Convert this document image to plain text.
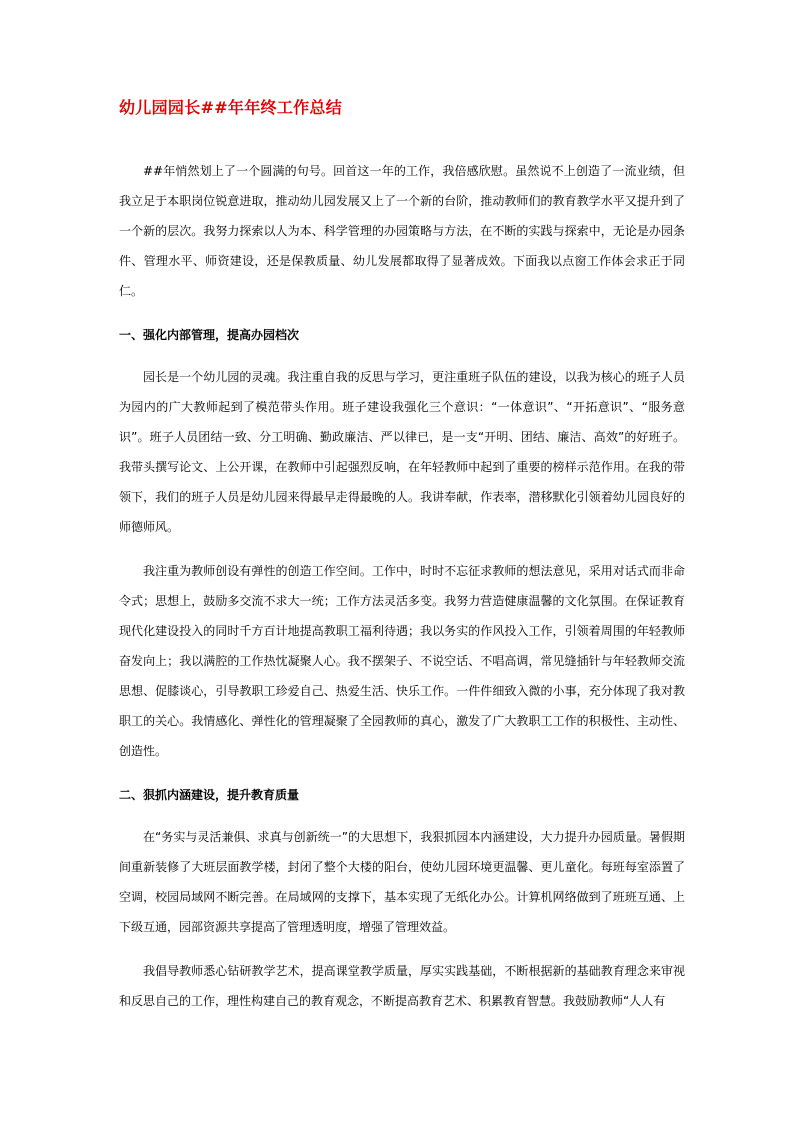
幼儿园园长##年年终工作总结

##年悄然划上了一个圆满的句号。回首这一年的工作，我倍感欣慰。虽然说不上创造了一流业绩，但我立足于本职岗位锐意进取，推动幼儿园发展又上了一个新的台阶，推动教师们的教育教学水平又提升到了一个新的层次。我努力探索以人为本、科学管理的办园策略与方法，在不断的实践与探索中，无论是办园条件、管理水平、师资建设，还是保教质量、幼儿发展都取得了显著成效。下面我以点窗工作体会求正于同仁。

一、强化内部管理，提高办园档次

园长是一个幼儿园的灵魂。我注重自我的反思与学习，更注重班子队伍的建设，以我为核心的班子人员为园内的广大教师起到了模范带头作用。班子建设我强化三个意识：“一体意识”、“开拓意识”、“服务意识”。班子人员团结一致、分工明确、勤政廉洁、严以律已，是一支“开明、团结、廉洁、高效”的好班子。我带头撰写论文、上公开课，在教师中引起强烈反响，在年轻教师中起到了重要的榜样示范作用。在我的带领下，我们的班子人员是幼儿园来得最早走得最晚的人。我讲奉献，作表率，潜移默化引领着幼儿园良好的师德师风。

我注重为教师创设有弹性的创造工作空间。工作中，时时不忘征求教师的想法意见，采用对话式而非命令式；思想上，鼓励多交流不求大一统；工作方法灵活多变。我努力营造健康温馨的文化氛围。在保证教育现代化建设投入的同时千方百计地提高教职工福利待遇；我以务实的作风投入工作，引领着周围的年轻教师奋发向上；我以满腔的工作热忱凝聚人心。我不摆架子、不说空话、不唱高调，常见缝插针与年轻教师交流思想、促膝谈心，引导教职工珍爱自己、热爱生活、快乐工作。一件件细致入微的小事，充分体现了我对教职工的关心。我情感化、弹性化的管理凝聚了全园教师的真心，激发了广大教职工工作的积极性、主动性、创造性。

二、狠抓内涵建设，提升教育质量

在“务实与灵活兼俱、求真与创新统一”的大思想下，我狠抓园本内涵建设，大力提升办园质量。暑假期间重新装修了大班层面教学楼，封闭了整个大楼的阳台，使幼儿园环境更温馨、更儿童化。每班每室添置了空调，校园局域网不断完善。在局域网的支撑下，基本实现了无纸化办公。计算机网络做到了班班互通、上下级互通，园部资源共享提高了管理透明度，增强了管理效益。

我倡导教师悉心钻研教学艺术，提高课堂教学质量，厚实实践基础，不断根据新的基础教育理念来审视和反思自己的工作，理性构建自己的教育观念，不断提高教育艺术、积累教育智慧。我鼓励教师“人人有
